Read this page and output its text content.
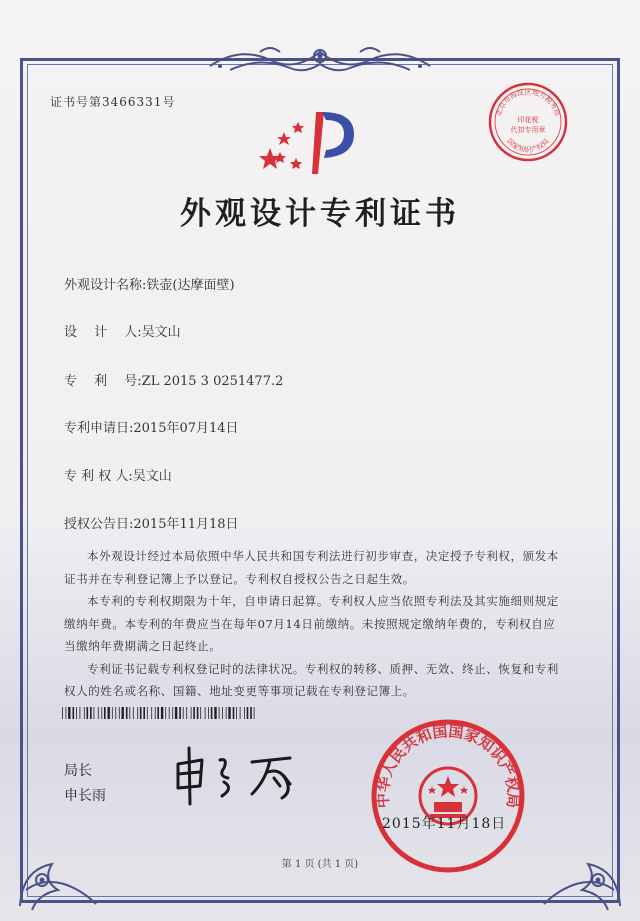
证书号第3466331号
外观设计专利证书
北京市海淀区地方税务局
印花税
代扣专用章
国家知识产权局
外观设计名称:铁壶(达摩面壁)
设　 计　 人:吴文山
专　 利　 号:ZL 2015 3 0251477.2
专利申请日:2015年07月14日
专 利 权 人:吴文山
授权公告日:2015年11月18日

本外观设计经过本局依照中华人民共和国专利法进行初步审查，决定授予专利权，颁发本证书并在专利登记簿上予以登记。专利权自授权公告之日起生效。

本专利的专利权期限为十年，自申请日起算。专利权人应当依照专利法及其实施细则规定缴纳年费。本专利的年费应当在每年07月14日前缴纳。未按照规定缴纳年费的，专利权自应当缴纳年费期满之日起终止。

专利证书记载专利权登记时的法律状况。专利权的转移、质押、无效、终止、恢复和专利权人的姓名或名称、国籍、地址变更等事项记载在专利登记簿上。

局长
申长雨	中华人民共和国国家知识产权局
2015年11月18日
第 1 页 (共 1 页)
